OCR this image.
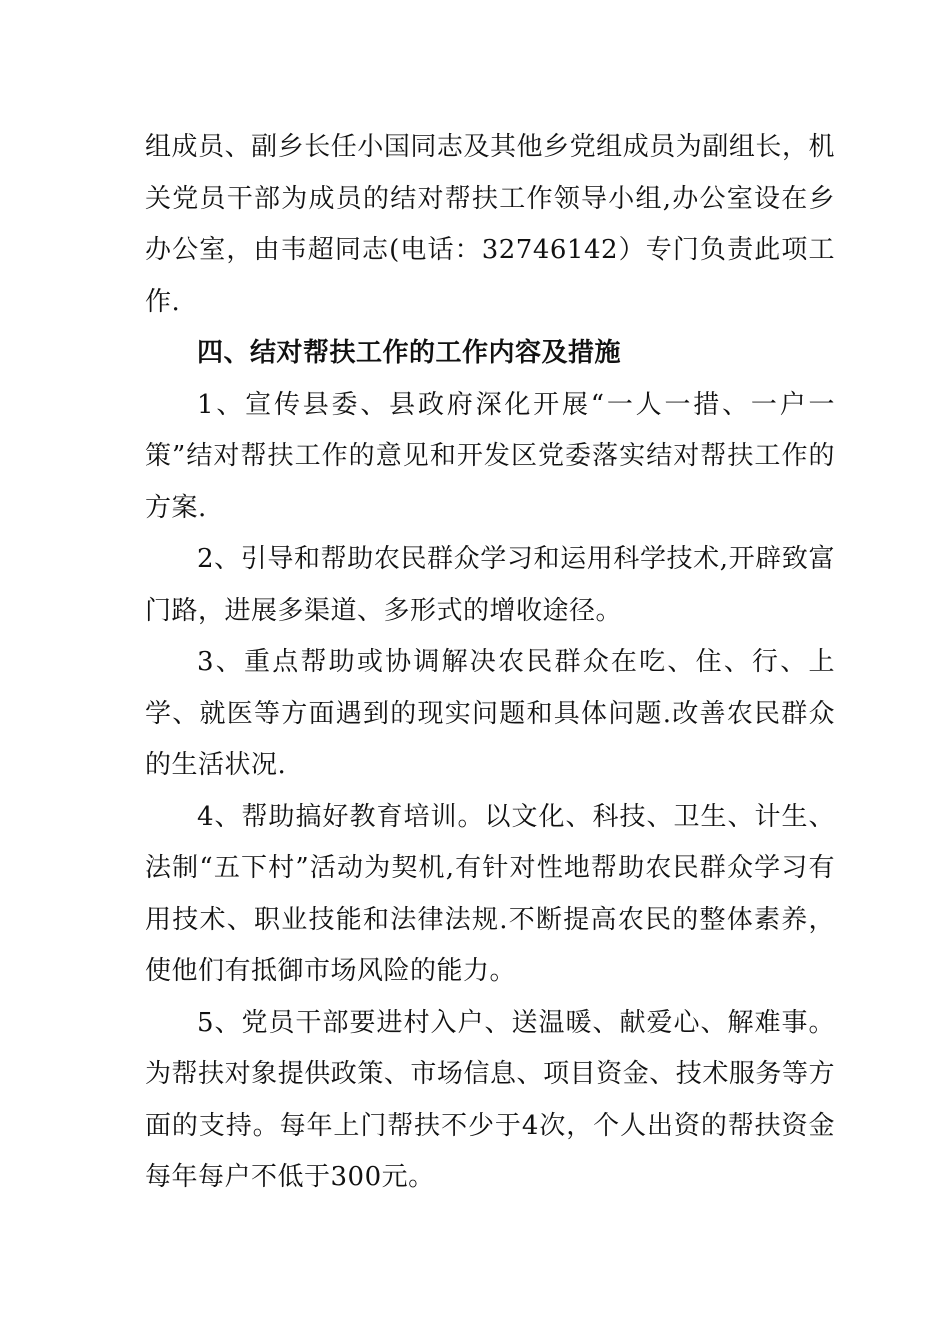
组成员、副乡长任小国同志及其他乡党组成员为副组长，机关党员干部为成员的结对帮扶工作领导小组,办公室设在乡办公室，由韦超同志(电话：32746142）专门负责此项工作.

四、结对帮扶工作的工作内容及措施

1、宣传县委、县政府深化开展“一人一措、一户一策”结对帮扶工作的意见和开发区党委落实结对帮扶工作的方案.

2、引导和帮助农民群众学习和运用科学技术,开辟致富门路，进展多渠道、多形式的增收途径。

3、重点帮助或协调解决农民群众在吃、住、行、上学、就医等方面遇到的现实问题和具体问题.改善农民群众的生活状况.

4、帮助搞好教育培训。以文化、科技、卫生、计生、法制“五下村”活动为契机,有针对性地帮助农民群众学习有用技术、职业技能和法律法规.不断提高农民的整体素养，使他们有抵御市场风险的能力。

5、党员干部要进村入户、送温暖、献爱心、解难事。为帮扶对象提供政策、市场信息、项目资金、技术服务等方面的支持。每年上门帮扶不少于4次，个人出资的帮扶资金每年每户不低于300元。
